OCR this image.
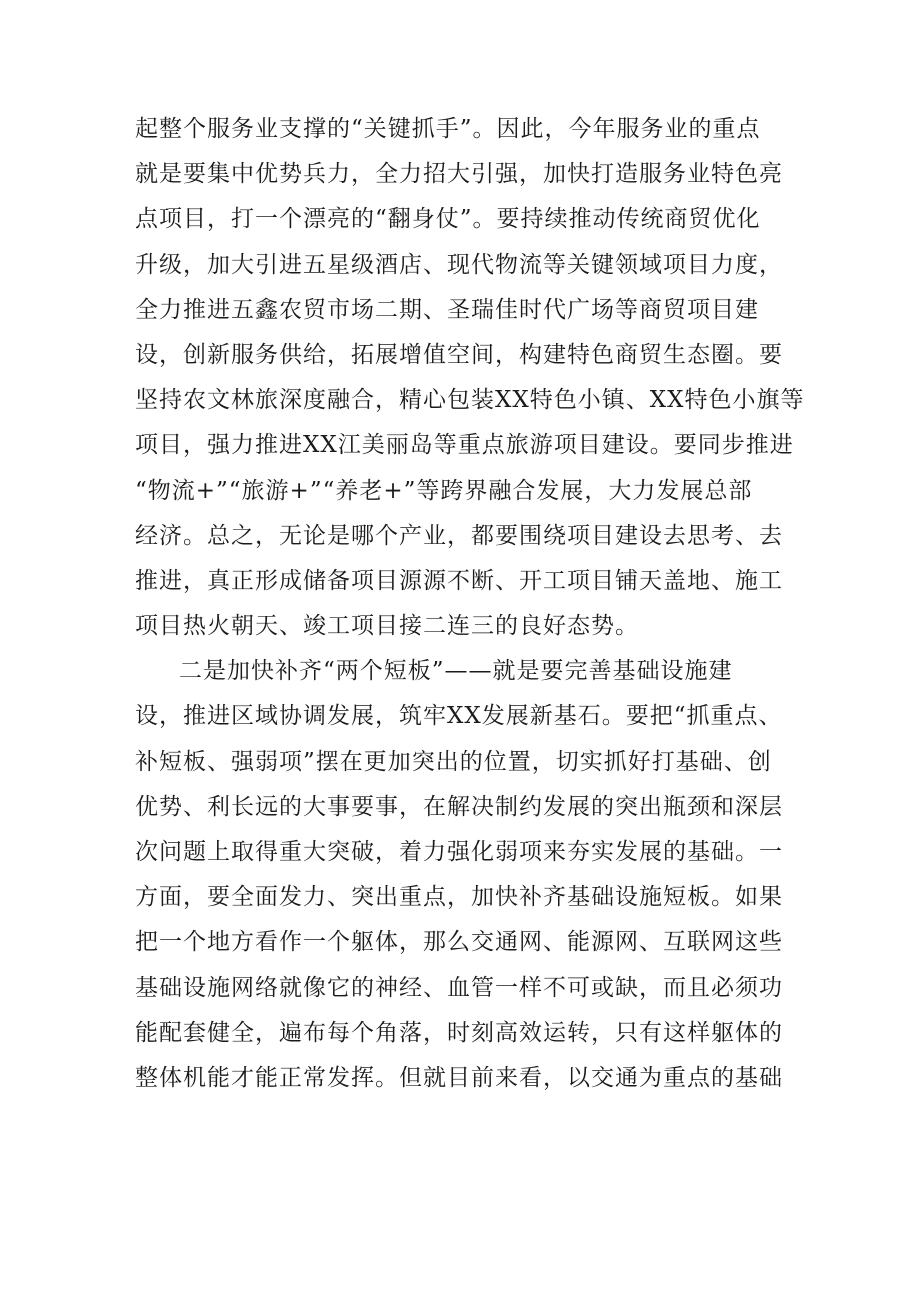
起整个服务业支撑的“关键抓手”。因此，今年服务业的重点
就是要集中优势兵力，全力招大引强，加快打造服务业特色亮
点项目，打一个漂亮的“翻身仗”。要持续推动传统商贸优化
升级，加大引进五星级酒店、现代物流等关键领域项目力度，
全力推进五鑫农贸市场二期、圣瑞佳时代广场等商贸项目建
设，创新服务供给，拓展增值空间，构建特色商贸生态圈。要
坚持农文林旅深度融合，精心包装XX特色小镇、XX特色小旗等
项目，强力推进XX江美丽岛等重点旅游项目建设。要同步推进
“物流+”“旅游+”“养老+”等跨界融合发展，大力发展总部
经济。总之，无论是哪个产业，都要围绕项目建设去思考、去
推进，真正形成储备项目源源不断、开工项目铺天盖地、施工
项目热火朝天、竣工项目接二连三的良好态势。
二是加快补齐“两个短板”——就是要完善基础设施建
设，推进区域协调发展，筑牢XX发展新基石。要把“抓重点、
补短板、强弱项”摆在更加突出的位置，切实抓好打基础、创
优势、利长远的大事要事，在解决制约发展的突出瓶颈和深层
次问题上取得重大突破，着力强化弱项来夯实发展的基础。一
方面，要全面发力、突出重点，加快补齐基础设施短板。如果
把一个地方看作一个躯体，那么交通网、能源网、互联网这些
基础设施网络就像它的神经、血管一样不可或缺，而且必须功
能配套健全，遍布每个角落，时刻高效运转，只有这样躯体的
整体机能才能正常发挥。但就目前来看，以交通为重点的基础
